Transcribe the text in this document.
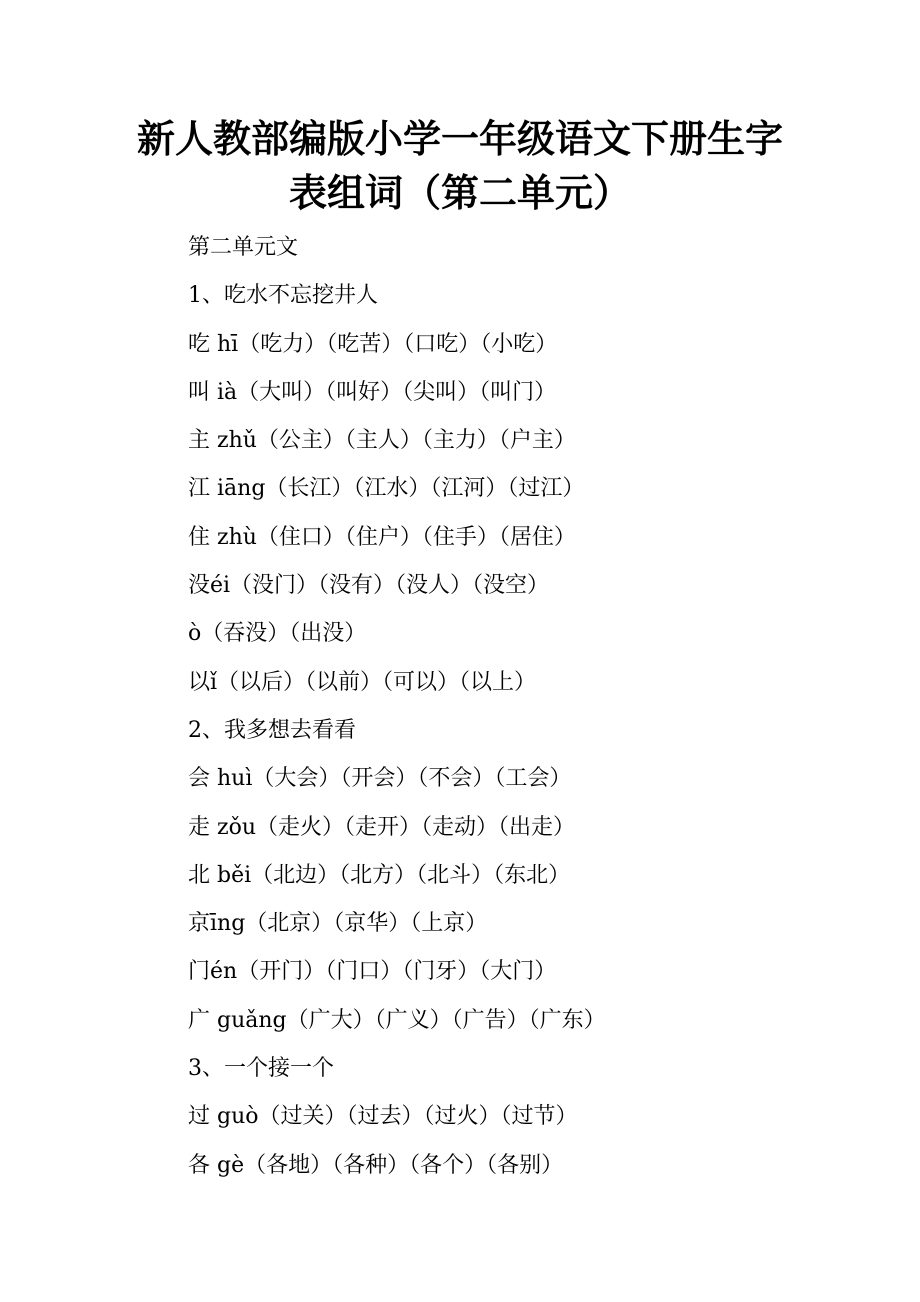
新人教部编版小学一年级语文下册生字
表组词（第二单元）
第二单元文
1、吃水不忘挖井人
吃 hī（吃力）（吃苦）（口吃）（小吃）
叫 ià（大叫）（叫好）（尖叫）（叫门）
主 zhǔ（公主）（主人）（主力）（户主）
江 iāng（长江）（江水）（江河）（过江）
住 zhù（住口）（住户）（住手）（居住）
没éi（没门）（没有）（没人）（没空）
ò（吞没）（出没）
以ǐ（以后）（以前）（可以）（以上）
2、我多想去看看
会 huì（大会）（开会）（不会）（工会）
走 zǒu（走火）（走开）（走动）（出走）
北 běi（北边）（北方）（北斗）（东北）
京īng（北京）（京华）（上京）
门én（开门）（门口）（门牙）（大门）
广 guǎng（广大）（广义）（广告）（广东）
3、一个接一个
过 guò（过关）（过去）（过火）（过节）
各 gè（各地）（各种）（各个）（各别）
